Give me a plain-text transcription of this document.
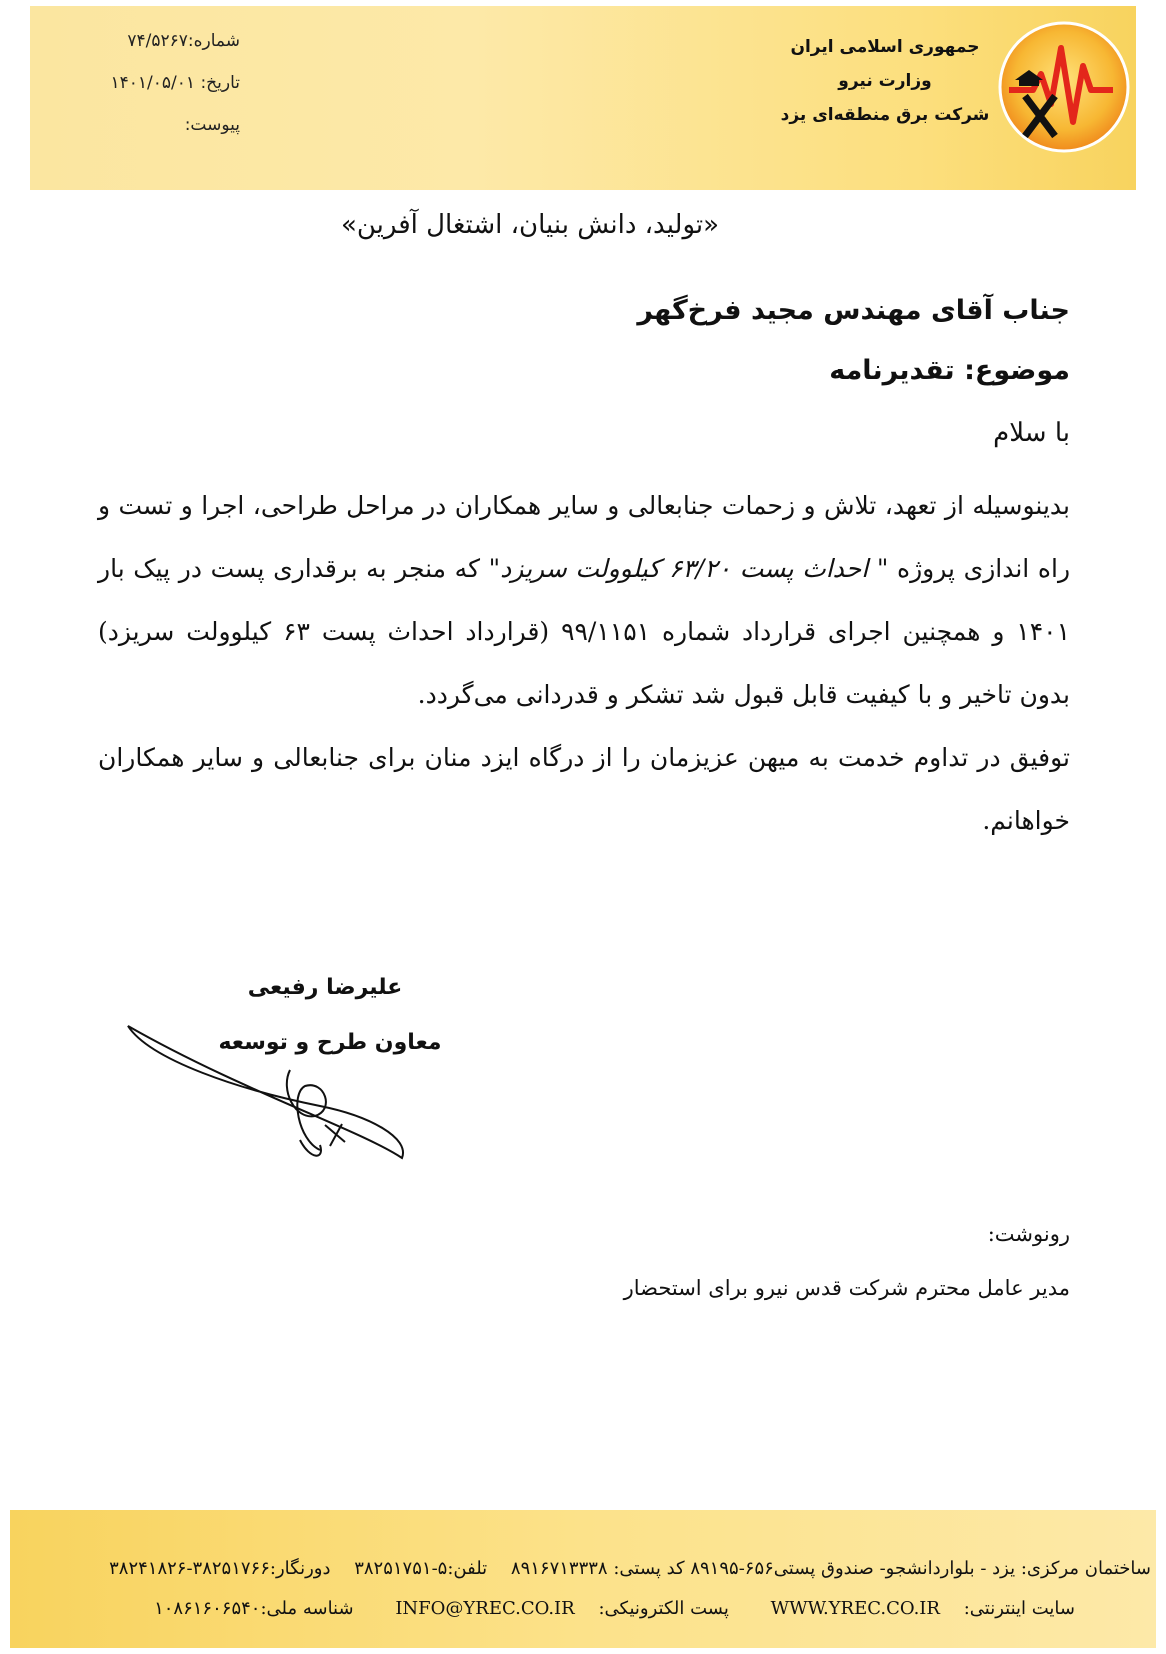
جمهوری اسلامی ایران
وزارت نیرو
شرکت برق منطقه‌ای یزد
شماره:۷۴/۵۲۶۷
تاریخ: ۱۴۰۱/۰۵/۰۱
پیوست:
«تولید، دانش بنیان، اشتغال آفرین»
جناب آقای مهندس مجید فرخ‌گهر
موضوع: تقدیرنامه
با سلام
بدینوسیله از تعهد، تلاش و زحمات جنابعالی و سایر همکاران در مراحل طراحی، اجرا و تست و راه اندازی پروژه " احداث پست ۶۳/۲۰ کیلوولت سریزد" که منجر به برقداری پست در پیک بار ۱۴۰۱ و همچنین اجرای قرارداد شماره ۹۹/۱۱۵۱ (قرارداد احداث پست ۶۳ کیلوولت سریزد) بدون تاخیر و با کیفیت قابل قبول شد تشکر و قدردانی می‌گردد.
توفیق در تداوم خدمت به میهن عزیزمان را از درگاه ایزد منان برای جنابعالی و سایر همکاران خواهانم.
علیرضا رفیعی
معاون طرح و توسعه
رونوشت:
مدیر عامل محترم شرکت قدس نیرو برای استحضار
ساختمان مرکزی: یزد - بلواردانشجو- صندوق پستی۶۵۶-۸۹۱۹۵ کد پستی: ۸۹۱۶۷۱۳۳۳۸ تلفن:۵-۳۸۲۵۱۷۵۱ دورنگار:۳۸۲۵۱۷۶۶-۳۸۲۴۱۸۲۶
سایت اینترنتی: WWW.YREC.CO.IR پست الکترونیکی: INFO@YREC.CO.IR شناسه ملی:۱۰۸۶۱۶۰۶۵۴۰
